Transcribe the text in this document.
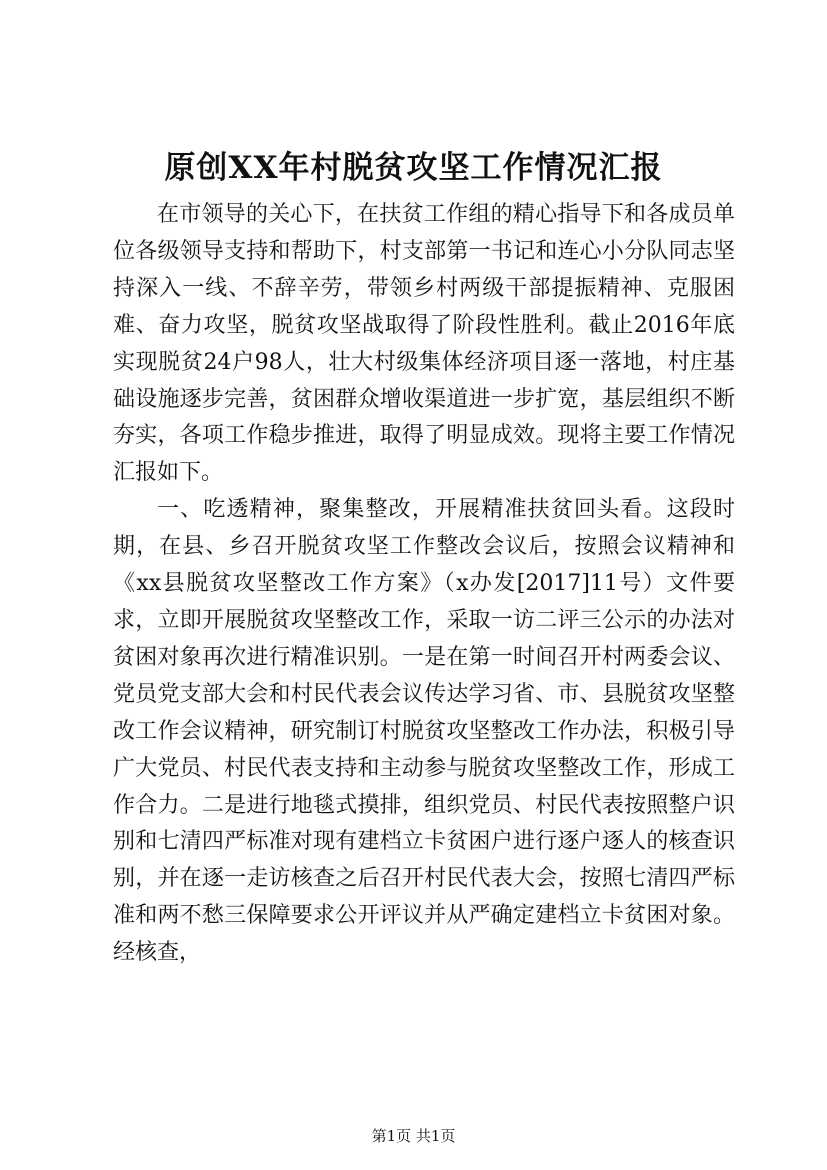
原创XX年村脱贫攻坚工作情况汇报

在市领导的关心下，在扶贫工作组的精心指导下和各成员单位各级领导支持和帮助下，村支部第一书记和连心小分队同志坚持深入一线、不辞辛劳，带领乡村两级干部提振精神、克服困难、奋力攻坚，脱贫攻坚战取得了阶段性胜利。截止2016年底实现脱贫24户98人，壮大村级集体经济项目逐一落地，村庄基础设施逐步完善，贫困群众增收渠道进一步扩宽，基层组织不断夯实，各项工作稳步推进，取得了明显成效。现将主要工作情况汇报如下。

一、吃透精神，聚集整改，开展精准扶贫回头看。这段时期，在县、乡召开脱贫攻坚工作整改会议后，按照会议精神和《xx县脱贫攻坚整改工作方案》（x办发[2017]11号）文件要求，立即开展脱贫攻坚整改工作，采取一访二评三公示的办法对贫困对象再次进行精准识别。一是在第一时间召开村两委会议、党员党支部大会和村民代表会议传达学习省、市、县脱贫攻坚整改工作会议精神，研究制订村脱贫攻坚整改工作办法，积极引导广大党员、村民代表支持和主动参与脱贫攻坚整改工作，形成工作合力。二是进行地毯式摸排，组织党员、村民代表按照整户识别和七清四严标准对现有建档立卡贫困户进行逐户逐人的核查识别，并在逐一走访核查之后召开村民代表大会，按照七清四严标准和两不愁三保障要求公开评议并从严确定建档立卡贫困对象。经核查，

第1页 共1页
